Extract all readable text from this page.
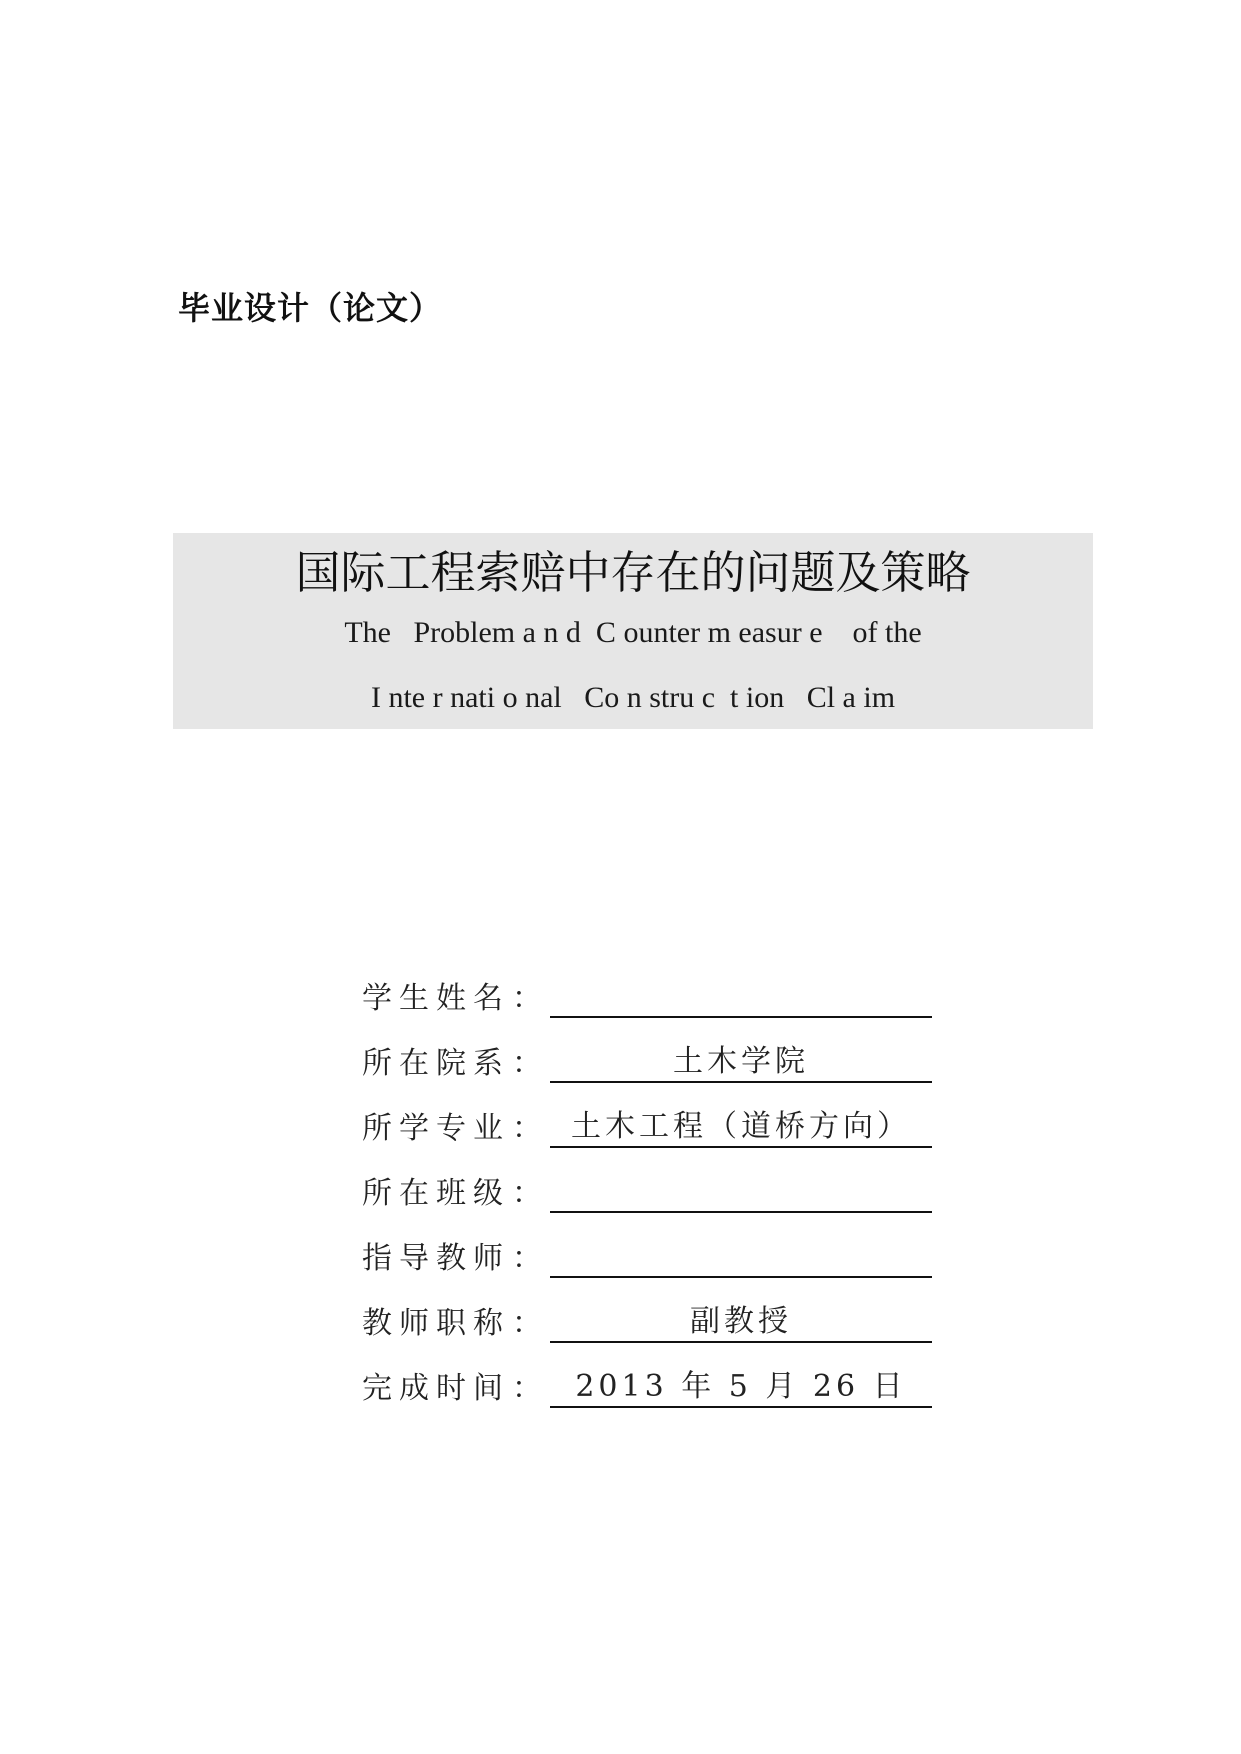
毕业设计（论文）
国际工程索赔中存在的问题及策略
The   Problem a n d  C ounter m easur e    of the
I nte r nati o nal   Co n stru c  t ion   Cl a im
学生姓名 ：
所在院系 ：	土木学院
所学专业 ： 土木工程（道桥方向）
所在班级 ：
指导教师 ：
教师职称 ：	副教授
完成时间 ：	2013 年 5 月 26 日
